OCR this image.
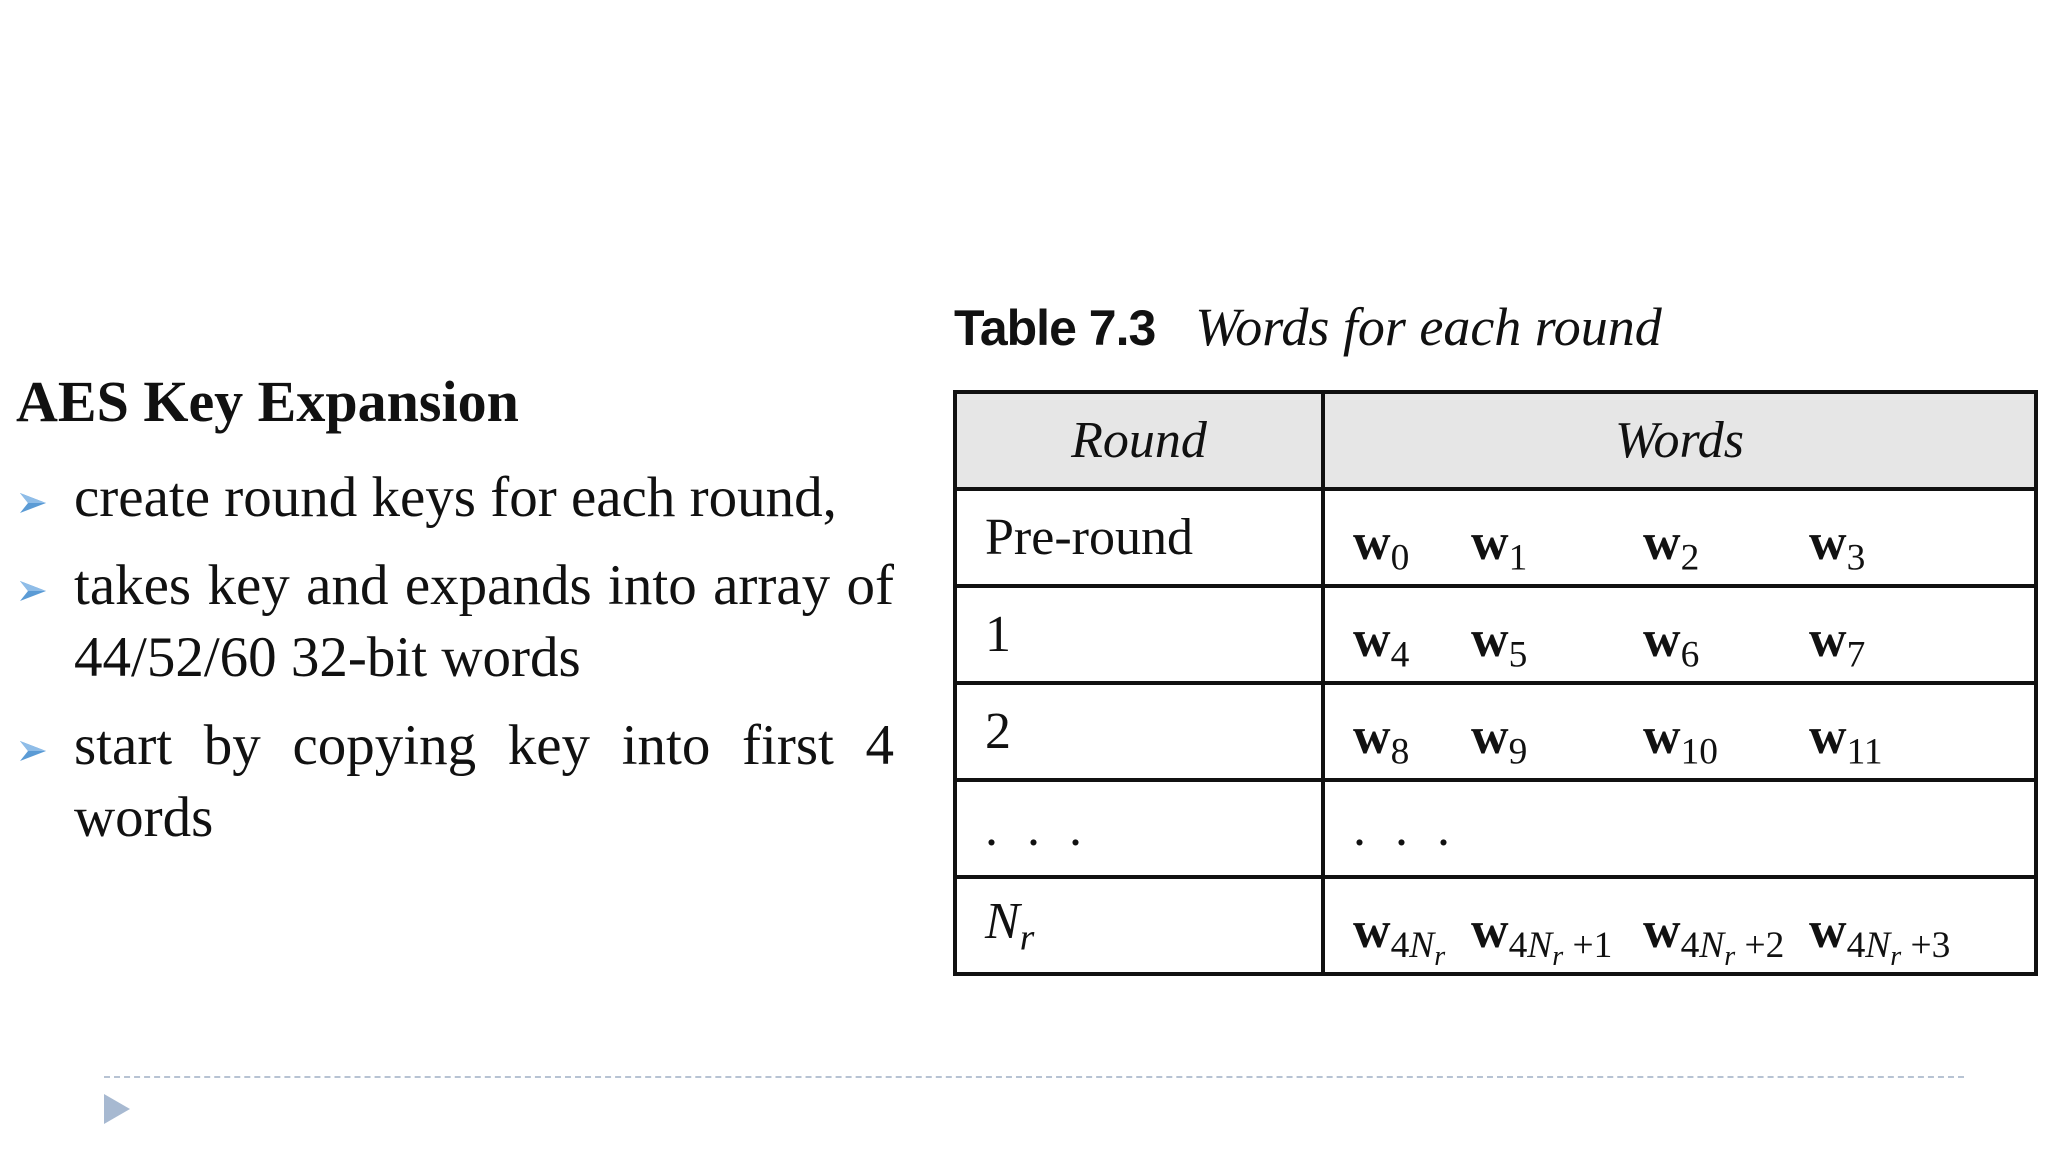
AES Key Expansion
create round keys for each round,
takes key and expands into array of 44/52/60 32-bit words
start by copying key into first 4 words
Table 7.3 Words for each round
Round	Words
Pre-round	$w_0$ $w_1$ $w_2$ $w_3$

1	$w_4$ $w_5$ $w_6$ $w_7$

2	$w_8$ $w_9$ $w_{10}$ $w_{11}$

. . .	. . .
$N_r$	$w_{4N_r}$ $w_{4N_r +1}$ $w_{4N_r +2}$ $w_{4N_r +3}$
